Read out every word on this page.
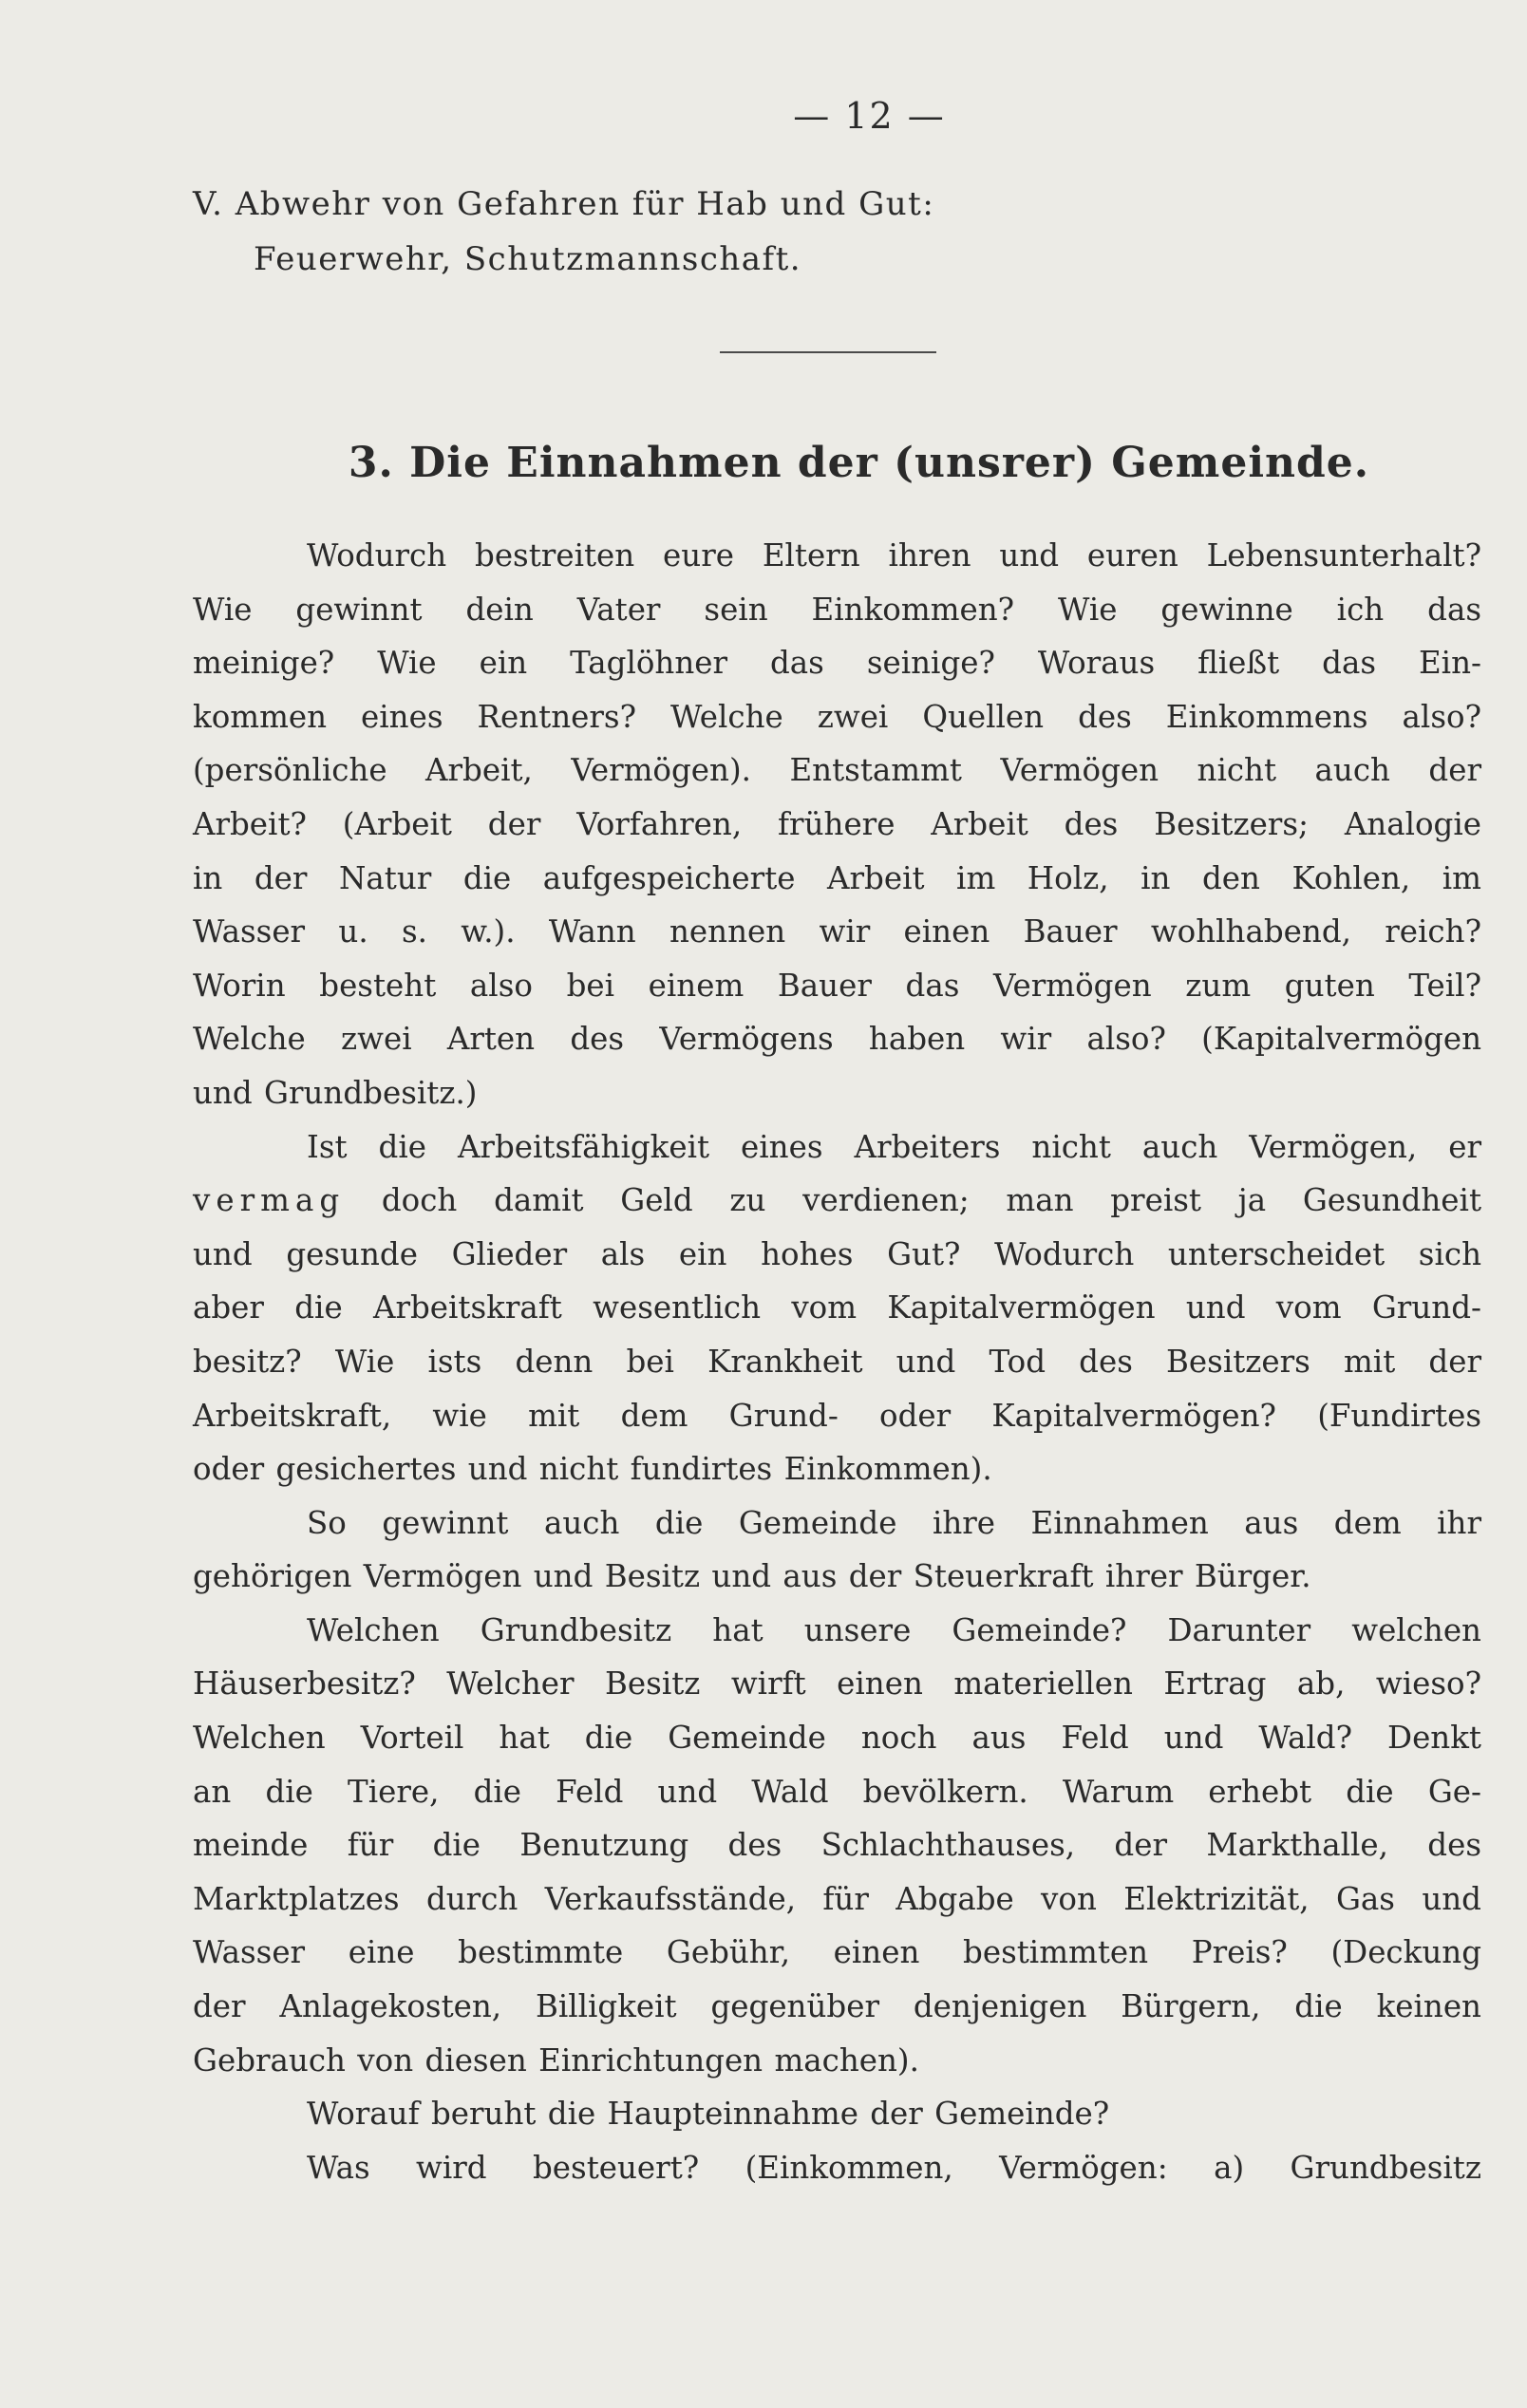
— 12 —
V. Abwehr von Gefahren für Hab und Gut:
Feuerwehr, Schutzmannschaft.
3. Die Einnahmen der (unsrer) Gemeinde.
Wodurch bestreiten eure Eltern ihren und euren Lebensunterhalt?
Wie gewinnt dein Vater sein Einkommen? Wie gewinne ich das
meinige? Wie ein Taglöhner das seinige? Woraus fließt das Ein-
kommen eines Rentners? Welche zwei Quellen des Einkommens also?
(persönliche Arbeit, Vermögen). Entstammt Vermögen nicht auch der
Arbeit? (Arbeit der Vorfahren, frühere Arbeit des Besitzers; Analogie
in der Natur die aufgespeicherte Arbeit im Holz, in den Kohlen, im
Wasser u. s. w.). Wann nennen wir einen Bauer wohlhabend, reich?
Worin besteht also bei einem Bauer das Vermögen zum guten Teil?
Welche zwei Arten des Vermögens haben wir also? (Kapitalvermögen
und Grundbesitz.)
Ist die Arbeitsfähigkeit eines Arbeiters nicht auch Vermögen, er
vermag doch damit Geld zu verdienen; man preist ja Gesundheit
und gesunde Glieder als ein hohes Gut? Wodurch unterscheidet sich
aber die Arbeitskraft wesentlich vom Kapitalvermögen und vom Grund-
besitz? Wie ists denn bei Krankheit und Tod des Besitzers mit der
Arbeitskraft, wie mit dem Grund- oder Kapitalvermögen? (Fundirtes
oder gesichertes und nicht fundirtes Einkommen).
So gewinnt auch die Gemeinde ihre Einnahmen aus dem ihr
gehörigen Vermögen und Besitz und aus der Steuerkraft ihrer Bürger.
Welchen Grundbesitz hat unsere Gemeinde? Darunter welchen
Häuserbesitz? Welcher Besitz wirft einen materiellen Ertrag ab, wieso?
Welchen Vorteil hat die Gemeinde noch aus Feld und Wald? Denkt
an die Tiere, die Feld und Wald bevölkern. Warum erhebt die Ge-
meinde für die Benutzung des Schlachthauses, der Markthalle, des
Marktplatzes durch Verkaufsstände, für Abgabe von Elektrizität, Gas und
Wasser eine bestimmte Gebühr, einen bestimmten Preis? (Deckung
der Anlagekosten, Billigkeit gegenüber denjenigen Bürgern, die keinen
Gebrauch von diesen Einrichtungen machen).
Worauf beruht die Haupteinnahme der Gemeinde?
Was wird besteuert? (Einkommen, Vermögen: a) Grundbesitz
